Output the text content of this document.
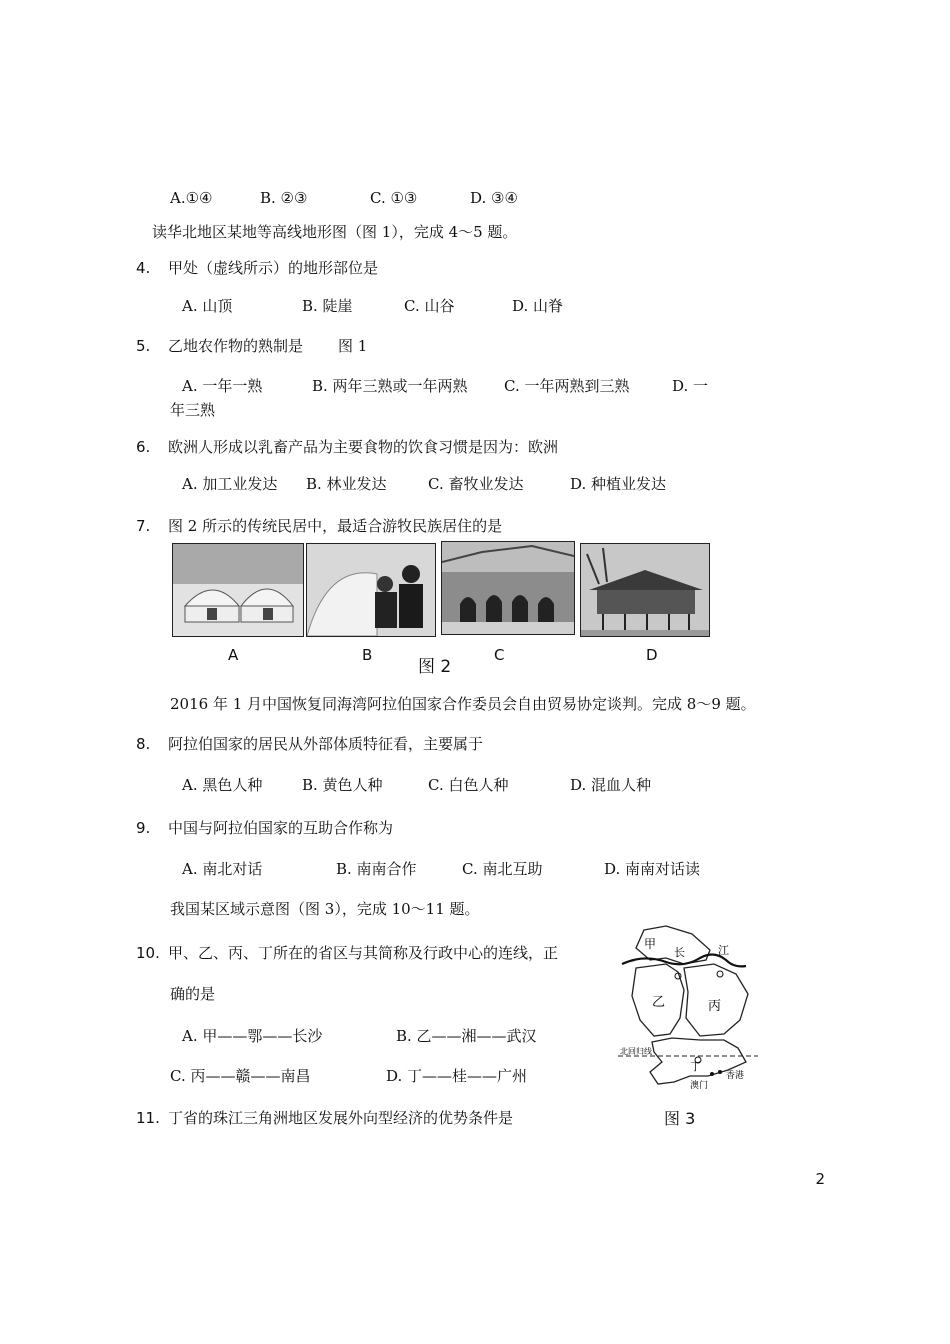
A.①④	B. ②③	C. ①③	D. ③④
读华北地区某地等高线地形图（图 1），完成 4～5 题。
4. 甲处（虚线所示）的地形部位是
A. 山顶	B. 陡崖	C. 山谷	D. 山脊
5. 乙地农作物的熟制是 图 1
A. 一年一熟	B. 两年三熟或一年两熟 C. 一年两熟到三熟	D. 一
年三熟
6. 欧洲人形成以乳畜产品为主要食物的饮食习惯是因为：欧洲
A. 加工业发达 B. 林业发达	C. 畜牧业发达	D. 种植业发达
7. 图 2 所示的传统民居中，最适合游牧民族居住的是
A	B
图 2
C	D
2016 年 1 月中国恢复同海湾阿拉伯国家合作委员会自由贸易协定谈判。完成 8～9 题。
8. 阿拉伯国家的居民从外部体质特征看，主要属于
A. 黑色人种	B. 黄色人种	C. 白色人种	D. 混血人种
9. 中国与阿拉伯国家的互助合作称为
A. 南北对话	B. 南南合作	C. 南北互助	D. 南南对话读
我国某区域示意图（图 3），完成 10～11 题。
10. 甲、乙、丙、丁所在的省区与其简称及行政中心的连线，正
确的是
A. 甲——鄂——长沙	B. 乙——湘——武汉
C. 丙——赣——南昌	D. 丁——桂——广州
11. 丁省的珠江三角洲地区发展外向型经济的优势条件是
甲
长	江
乙	丙
北回归线
丁
澳门
香港
图 3
2
